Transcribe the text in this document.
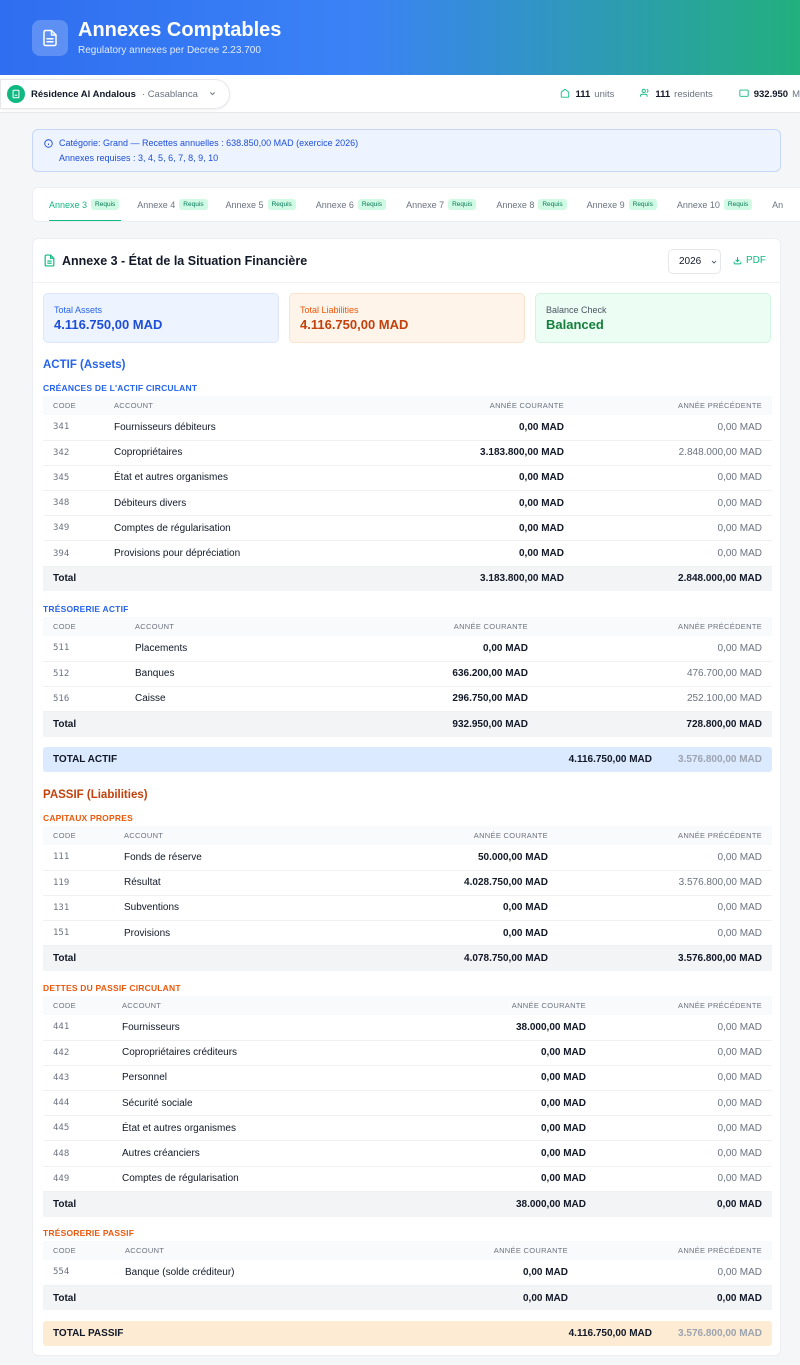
Annexes Comptables
Regulatory annexes per Decree 2.23.700
Résidence Al Andalous · Casablanca	111 units	111 residents	932.950 M
Catégorie: Grand — Recettes annuelles : 638.850,00 MAD (exercice 2026)
Annexes requises : 3, 4, 5, 6, 7, 8, 9, 10
Annexe 3	Requis	Annexe 4	Requis	Annexe 5	Requis	Annexe 6	Requis	Annexe 7	Requis	Annexe 8	Requis	Annexe 9	Requis	Annexe 10	Requis	An
Annexe 3 - État de la Situation Financière	2026	PDF
Total Assets
4.116.750,00 MAD
Total Liabilities
4.116.750,00 MAD
Balance Check
Balanced
ACTIF (Assets)
CRÉANCES DE L'ACTIF CIRCULANT
CODE	ACCOUNT	ANNÉE COURANTE	ANNÉE PRÉCÉDENTE
341	Fournisseurs débiteurs	0,00 MAD	0,00 MAD
342	Copropriétaires	3.183.800,00 MAD	2.848.000,00 MAD
345	État et autres organismes	0,00 MAD	0,00 MAD
348	Débiteurs divers	0,00 MAD	0,00 MAD
349	Comptes de régularisation	0,00 MAD	0,00 MAD
394	Provisions pour dépréciation	0,00 MAD	0,00 MAD
Total		3.183.800,00 MAD	2.848.000,00 MAD
TRÉSORERIE ACTIF
CODE	ACCOUNT	ANNÉE COURANTE	ANNÉE PRÉCÉDENTE
511	Placements	0,00 MAD	0,00 MAD
512	Banques	636.200,00 MAD	476.700,00 MAD
516	Caisse	296.750,00 MAD	252.100,00 MAD
Total		932.950,00 MAD	728.800,00 MAD
TOTAL ACTIF	4.116.750,00 MAD	3.576.800,00 MAD
PASSIF (Liabilities)
CAPITAUX PROPRES
CODE	ACCOUNT	ANNÉE COURANTE	ANNÉE PRÉCÉDENTE
111	Fonds de réserve	50.000,00 MAD	0,00 MAD
119	Résultat	4.028.750,00 MAD	3.576.800,00 MAD
131	Subventions	0,00 MAD	0,00 MAD
151	Provisions	0,00 MAD	0,00 MAD
Total		4.078.750,00 MAD	3.576.800,00 MAD
DETTES DU PASSIF CIRCULANT
CODE	ACCOUNT	ANNÉE COURANTE	ANNÉE PRÉCÉDENTE
441	Fournisseurs	38.000,00 MAD	0,00 MAD
442	Copropriétaires créditeurs	0,00 MAD	0,00 MAD
443	Personnel	0,00 MAD	0,00 MAD
444	Sécurité sociale	0,00 MAD	0,00 MAD
445	État et autres organismes	0,00 MAD	0,00 MAD
448	Autres créanciers	0,00 MAD	0,00 MAD
449	Comptes de régularisation	0,00 MAD	0,00 MAD
Total		38.000,00 MAD	0,00 MAD
TRÉSORERIE PASSIF
CODE	ACCOUNT	ANNÉE COURANTE	ANNÉE PRÉCÉDENTE
554	Banque (solde créditeur)	0,00 MAD	0,00 MAD
Total		0,00 MAD	0,00 MAD
TOTAL PASSIF	4.116.750,00 MAD	3.576.800,00 MAD
